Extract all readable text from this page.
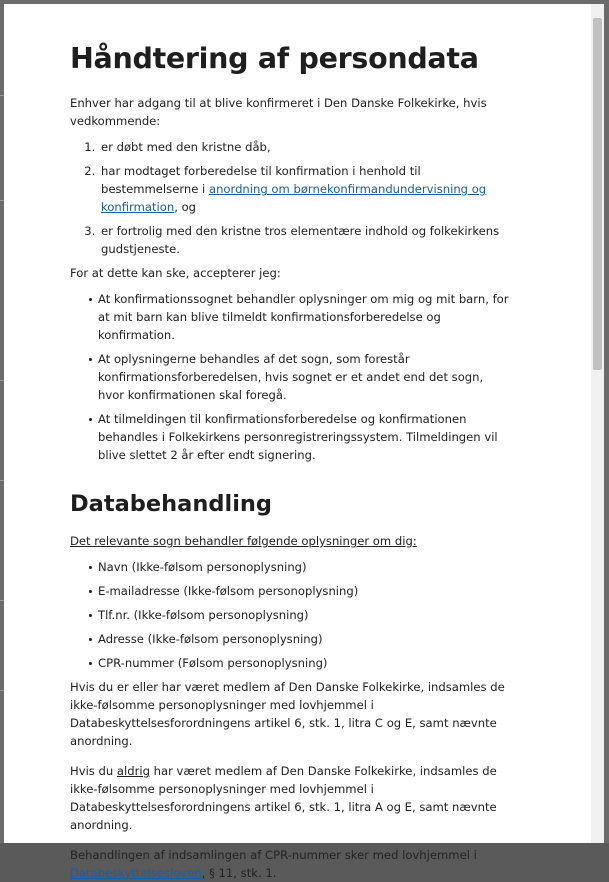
Håndtering af persondata

Enhver har adgang til at blive konfirmeret i Den Danske Folkekirke, hvis vedkommende:

1. er døbt med den kristne dåb,
2. har modtaget forberedelse til konfirmation i henhold til bestemmelserne i anordning om børnekonfirmandundervisning og konfirmation, og
3. er fortrolig med den kristne tros elementære indhold og folkekirkens gudstjeneste.

For at dette kan ske, accepterer jeg:

At konfirmationssognet behandler oplysninger om mig og mit barn, for at mit barn kan blive tilmeldt konfirmationsforberedelse og konfirmation.
At oplysningerne behandles af det sogn, som forestår konfirmationsforberedelsen, hvis sognet er et andet end det sogn, hvor konfirmationen skal foregå.
At tilmeldingen til konfirmationsforberedelse og konfirmationen behandles i Folkekirkens personregistreringssystem. Tilmeldingen vil blive slettet 2 år efter endt signering.
Databehandling

Det relevante sogn behandler følgende oplysninger om dig:

Navn (Ikke-følsom personoplysning)
E-mailadresse (Ikke-følsom personoplysning)
Tlf.nr. (Ikke-følsom personoplysning)
Adresse (Ikke-følsom personoplysning)
CPR-nummer (Følsom personoplysning)

Hvis du er eller har været medlem af Den Danske Folkekirke, indsamles de ikke-følsomme personoplysninger med lovhjemmel i Databeskyttelsesforordningens artikel 6, stk. 1, litra C og E, samt nævnte anordning.

Hvis du aldrig har været medlem af Den Danske Folkekirke, indsamles de ikke-følsomme personoplysninger med lovhjemmel i Databeskyttelsesforordningens artikel 6, stk. 1, litra A og E, samt nævnte anordning.

Behandlingen af indsamlingen af CPR-nummer sker med lovhjemmel i Databeskyttelsesloven, § 11, stk. 1.
